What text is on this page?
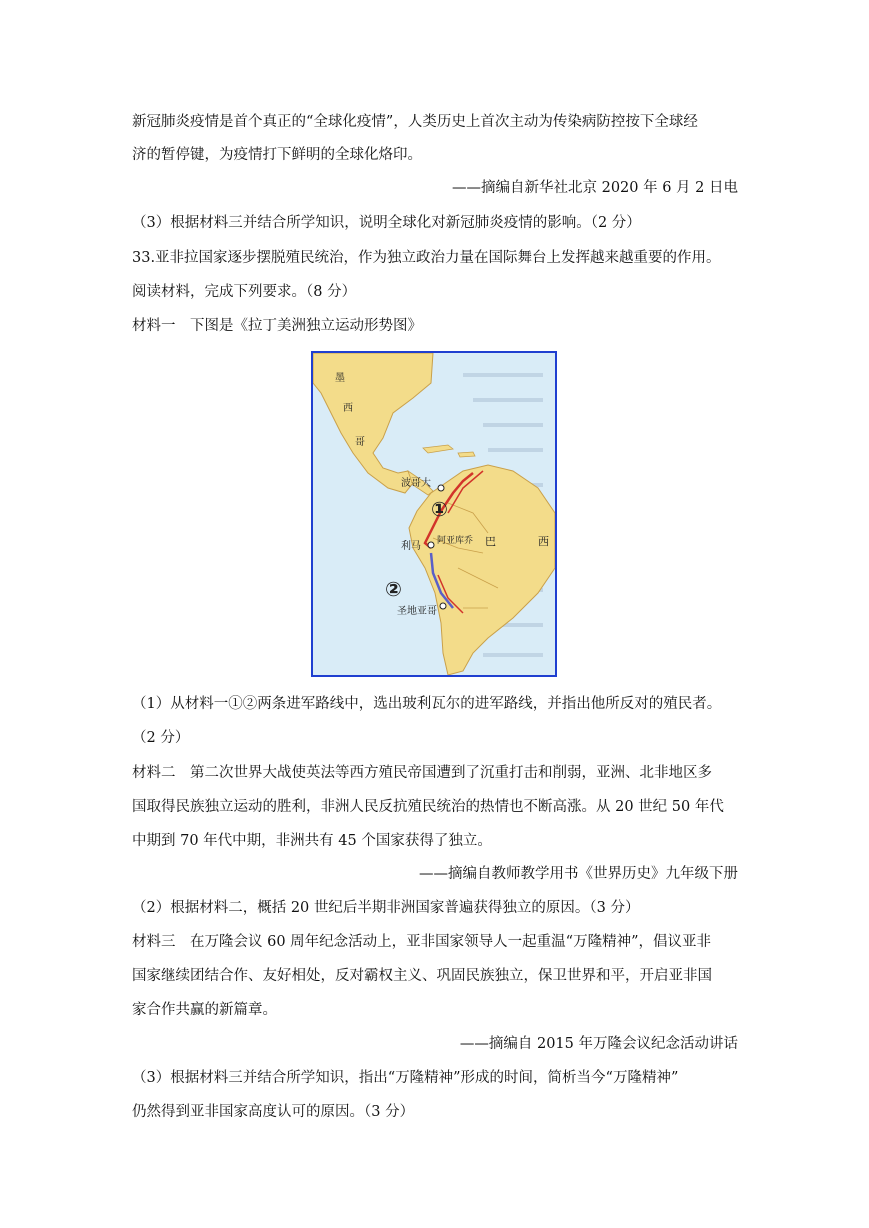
新冠肺炎疫情是首个真正的“全球化疫情”，人类历史上首次主动为传染病防控按下全球经
济的暂停键，为疫情打下鲜明的全球化烙印。
——摘编自新华社北京 2020 年 6 月 2 日电
（3）根据材料三并结合所学知识，说明全球化对新冠肺炎疫情的影响。（2 分）
33.亚非拉国家逐步摆脱殖民统治，作为独立政治力量在国际舞台上发挥越来越重要的作用。
阅读材料，完成下列要求。（8 分）
材料一　下图是《拉丁美洲独立运动形势图》
墨
西
哥
波哥大
利马
圣地亚哥
巴	西
阿亚库乔
①
②
（1）从材料一①②两条进军路线中，选出玻利瓦尔的进军路线，并指出他所反对的殖民者。
（2 分）
材料二　第二次世界大战使英法等西方殖民帝国遭到了沉重打击和削弱，亚洲、北非地区多
国取得民族独立运动的胜利，非洲人民反抗殖民统治的热情也不断高涨。从 20 世纪 50 年代
中期到 70 年代中期，非洲共有 45 个国家获得了独立。
——摘编自教师教学用书《世界历史》九年级下册
（2）根据材料二，概括 20 世纪后半期非洲国家普遍获得独立的原因。（3 分）
材料三　在万隆会议 60 周年纪念活动上，亚非国家领导人一起重温“万隆精神”，倡议亚非
国家继续团结合作、友好相处，反对霸权主义、巩固民族独立，保卫世界和平，开启亚非国
家合作共赢的新篇章。
——摘编自 2015 年万隆会议纪念活动讲话
（3）根据材料三并结合所学知识，指出“万隆精神”形成的时间，简析当今“万隆精神”
仍然得到亚非国家高度认可的原因。（3 分）
